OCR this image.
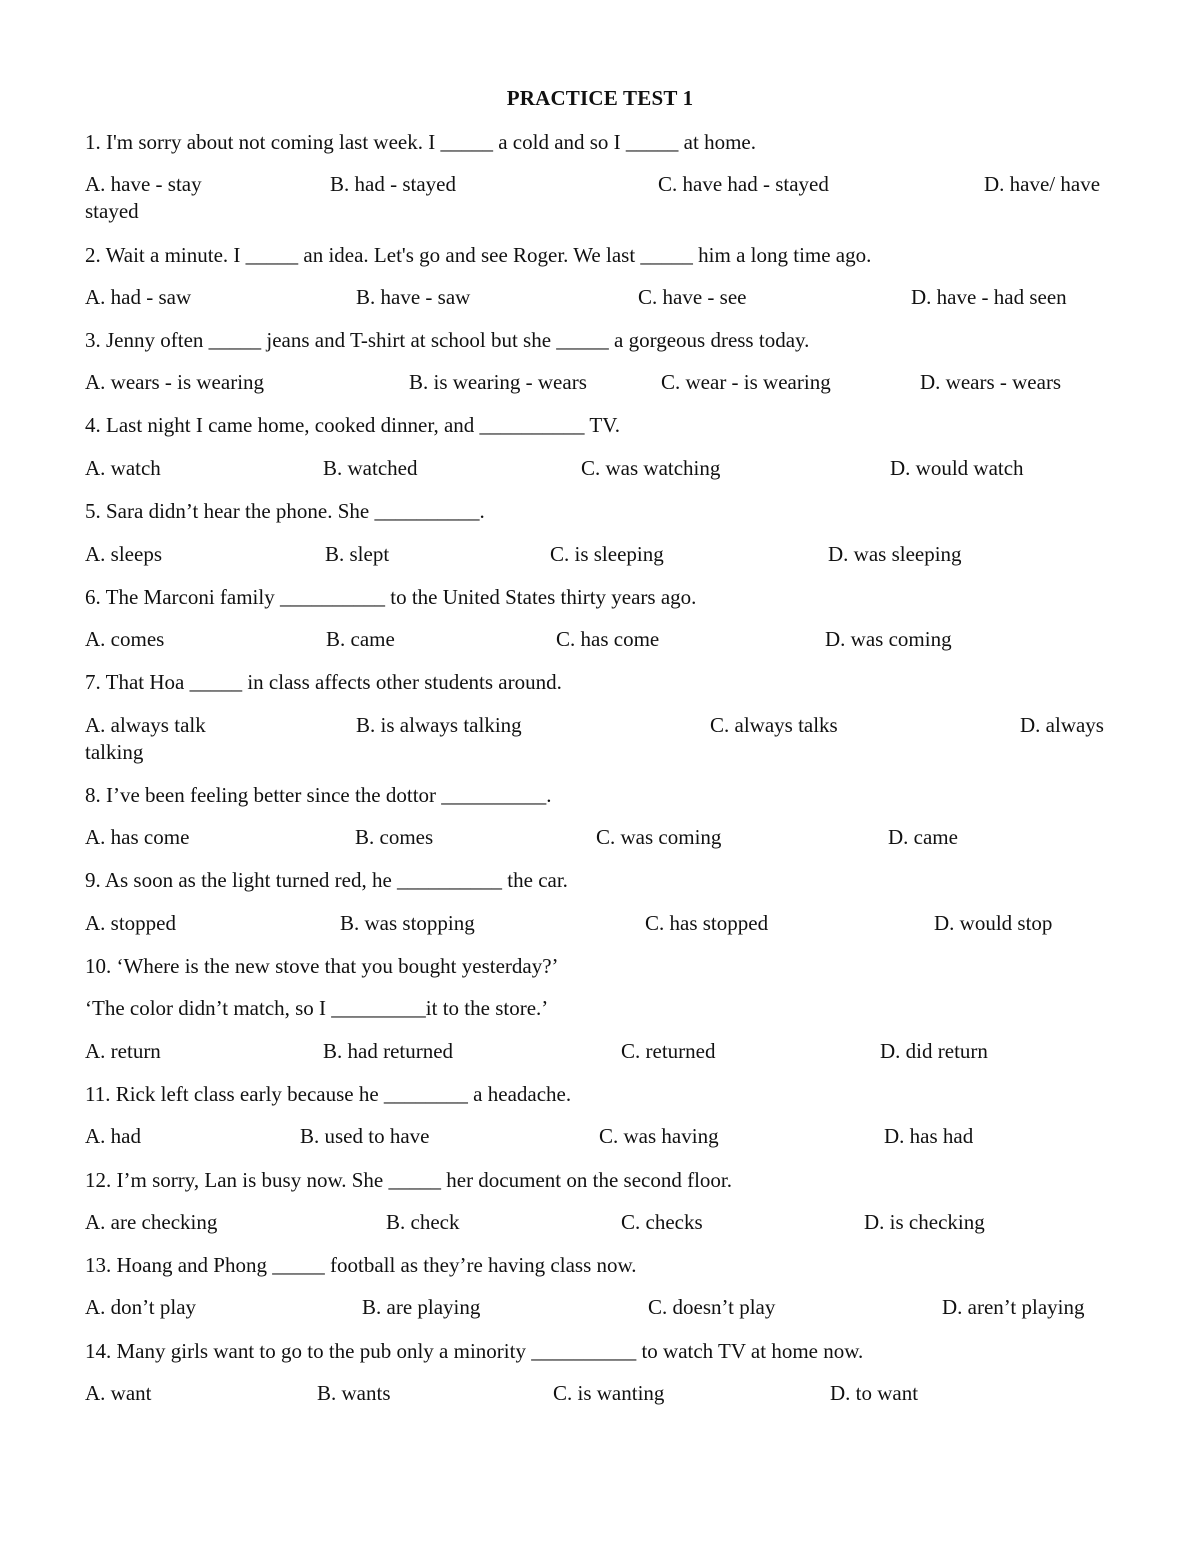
PRACTICE TEST 1
1. I'm sorry about not coming last week. I _____ a cold and so I _____ at home.
A. have - stay	B. had - stayed	C. have had - stayed	D. have/ have
stayed
2. Wait a minute. I _____ an idea. Let's go and see Roger. We last _____ him a long time ago.
A. had - saw	B. have - saw	C. have - see	D. have - had seen
3. Jenny often _____ jeans and T-shirt at school but she _____ a gorgeous dress today.
A. wears - is wearing	B. is wearing - wears	C. wear - is wearing	D. wears - wears
4. Last night I came home, cooked dinner, and __________ TV.
A. watch	B. watched	C. was watching	D. would watch
5. Sara didn’t hear the phone. She __________.
A. sleeps	B. slept	C. is sleeping	D. was sleeping
6. The Marconi family __________ to the United States thirty years ago.
A. comes	B. came	C. has come	D. was coming
7. That Hoa _____ in class affects other students around.
A. always talk	B. is always talking	C. always talks	D. always
talking
8. I’ve been feeling better since the dottor __________.
A. has come	B. comes	C. was coming	D. came
9. As soon as the light turned red, he __________ the car.
A. stopped	B. was stopping	C. has stopped	D. would stop
10. ‘Where is the new stove that you bought yesterday?’
‘The color didn’t match, so I _________it to the store.’
A. return	B. had returned	C. returned	D. did return
11. Rick left class early because he ________ a headache.
A. had	B. used to have	C. was having	D. has had
12. I’m sorry, Lan is busy now. She _____ her document on the second floor.
A. are checking	B. check	C. checks	D. is checking
13. Hoang and Phong _____ football as they’re having class now.
A. don’t play	B. are playing	C. doesn’t play	D. aren’t playing
14. Many girls want to go to the pub only a minority __________ to watch TV at home now.
A. want	B. wants	C. is wanting	D. to want
